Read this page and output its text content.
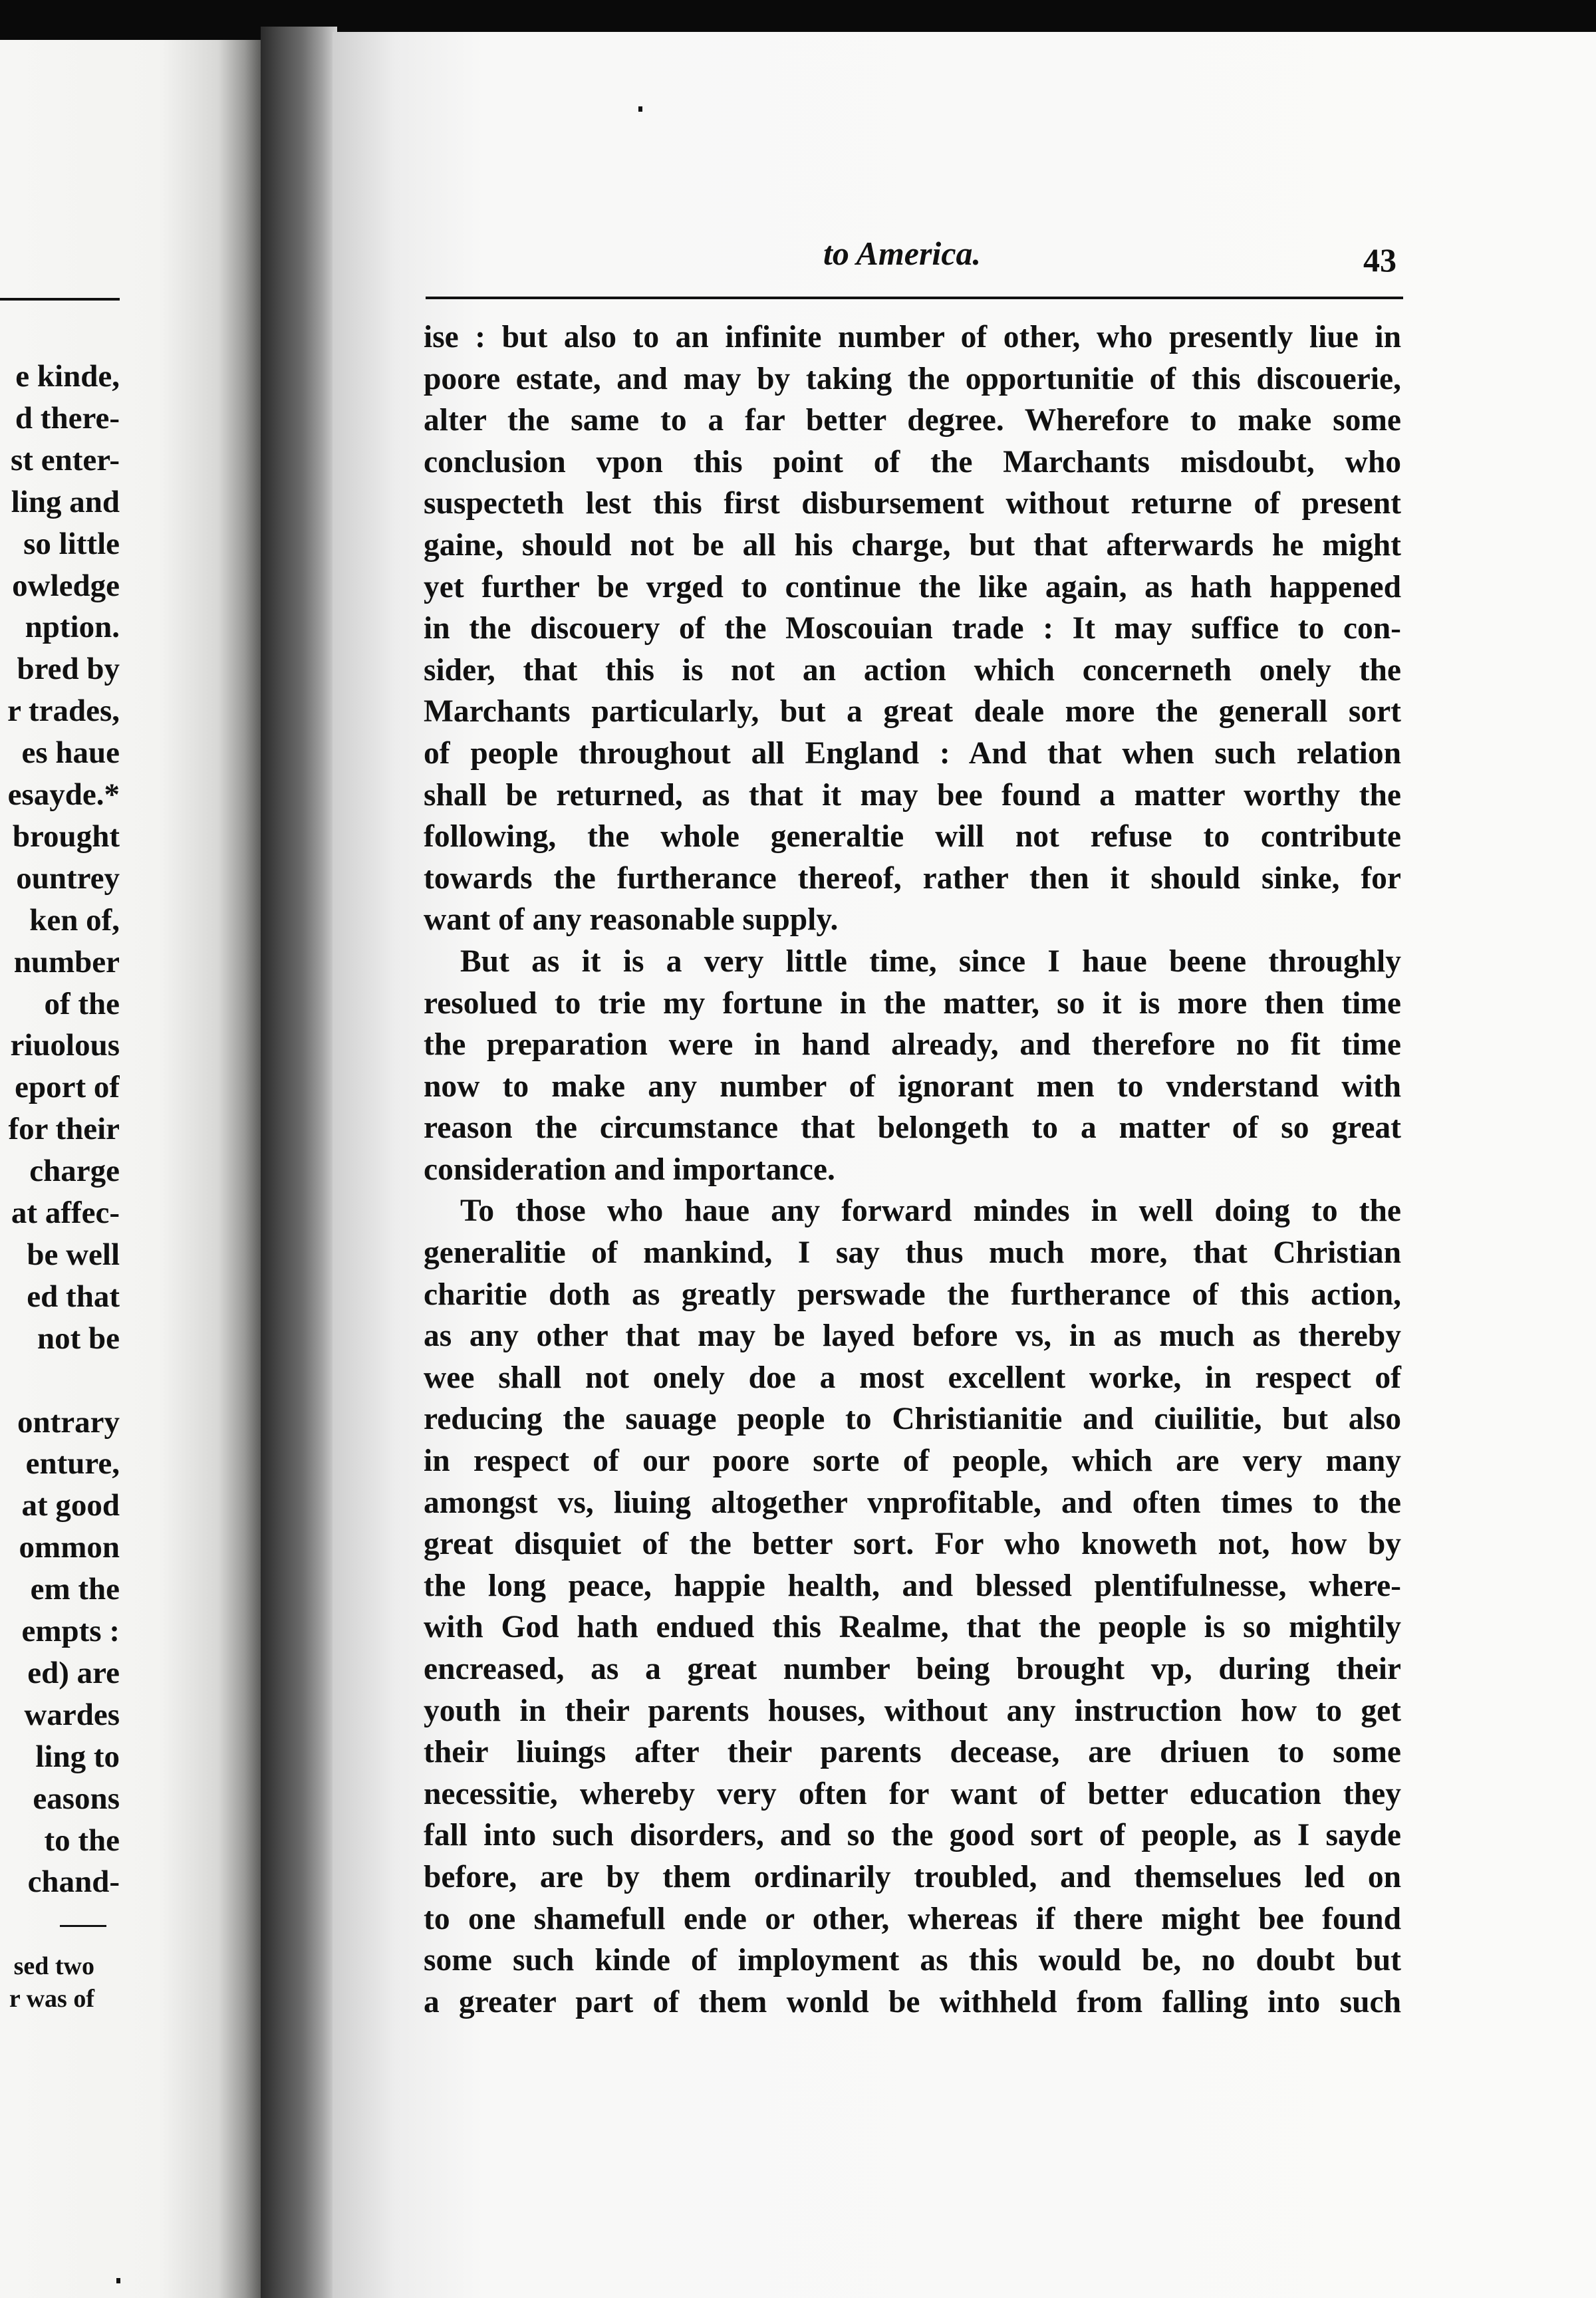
e kinde,
d there-
st enter-
ling and
so little
owledge
nption.
bred by
r trades,
es haue
esayde.*
brought
ountrey
ken of,
number
of the
riuolous
eport of
for their
charge
at affec-
be well
ed that
not be
ontrary
enture,
at good
ommon
em the
empts :
ed) are
wardes
ling to
easons
to the
chand-
sed two
r was of
to America.	43
ise : but also to an infinite number of other, who presently liue in
poore estate, and may by taking the opportunitie of this discouerie,
alter the same to a far better degree. Wherefore to make some
conclusion vpon this point of the Marchants misdoubt, who
suspecteth lest this first disbursement without returne of present
gaine, should not be all his charge, but that afterwards he might
yet further be vrged to continue the like again, as hath happened
in the discouery of the Moscouian trade : It may suffice to con-
sider, that this is not an action which concerneth onely the
Marchants particularly, but a great deale more the generall sort
of people throughout all England : And that when such relation
shall be returned, as that it may bee found a matter worthy the
following, the whole generaltie will not refuse to contribute
towards the furtherance thereof, rather then it should sinke, for
want of any reasonable supply.
But as it is a very little time, since I haue beene throughly
resolued to trie my fortune in the matter, so it is more then time
the preparation were in hand already, and therefore no fit time
now to make any number of ignorant men to vnderstand with
reason the circumstance that belongeth to a matter of so great
consideration and importance.
To those who haue any forward mindes in well doing to the
generalitie of mankind, I say thus much more, that Christian
charitie doth as greatly perswade the furtherance of this action,
as any other that may be layed before vs, in as much as thereby
wee shall not onely doe a most excellent worke, in respect of
reducing the sauage people to Christianitie and ciuilitie, but also
in respect of our poore sorte of people, which are very many
amongst vs, liuing altogether vnprofitable, and often times to the
great disquiet of the better sort. For who knoweth not, how by
the long peace, happie health, and blessed plentifulnesse, where-
with God hath endued this Realme, that the people is so mightily
encreased, as a great number being brought vp, during their
youth in their parents houses, without any instruction how to get
their liuings after their parents decease, are driuen to some
necessitie, whereby very often for want of better education they
fall into such disorders, and so the good sort of people, as I sayde
before, are by them ordinarily troubled, and themselues led on
to one shamefull ende or other, whereas if there might bee found
some such kinde of imployment as this would be, no doubt but
a greater part of them wonld be withheld from falling into such
